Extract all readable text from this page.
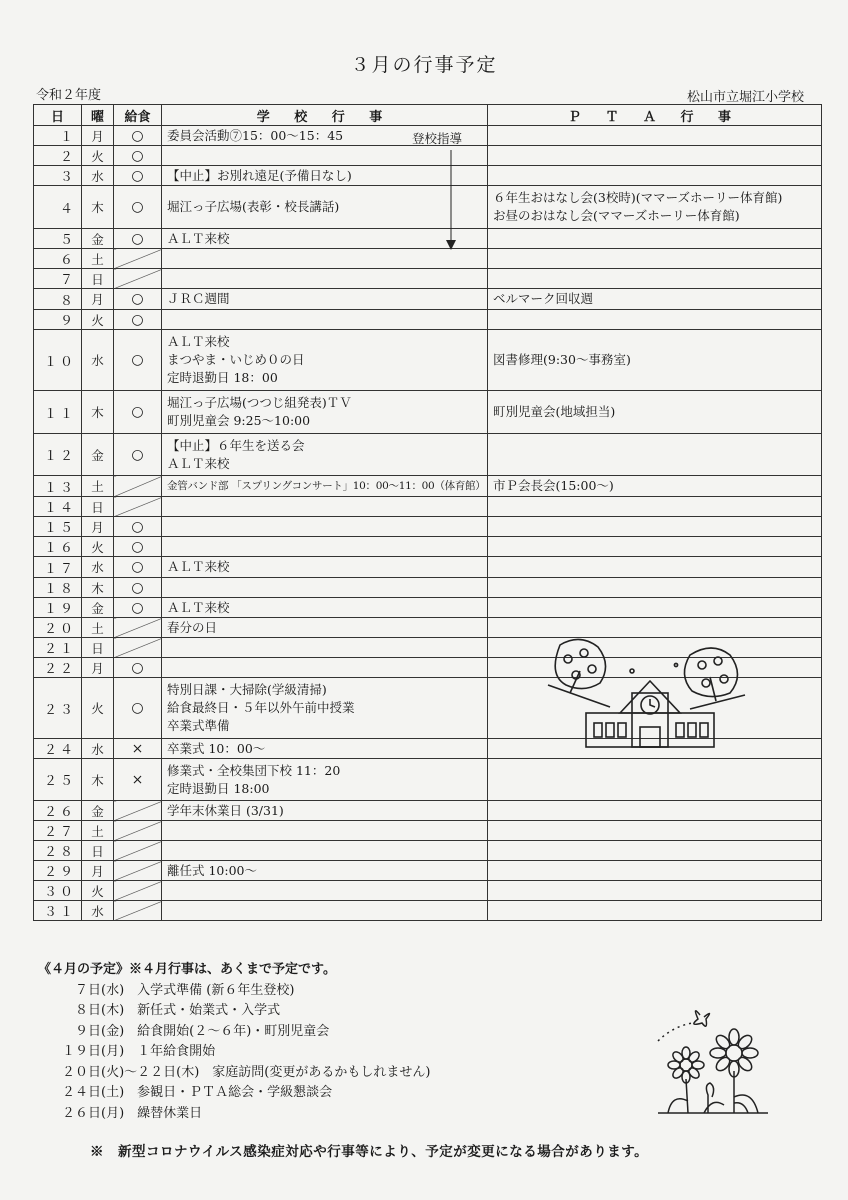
３月の行事予定
令和２年度	松山市立堀江小学校
日	曜	給食	学 校 行 事	Ｐ Ｔ Ａ 行 事
１	月	○	委員会活動⑦15：00～15：45	

２	火	○		
３	水	○	【中止】お別れ遠足(予備日なし)	

４	木	○	堀江っ子広場(表彰・校長講話)	６年生おはなし会(3校時)(ママーズホーリー体育館)
お昼のおはなし会(ママーズホーリー体育館)

５	金	○	ＡＬＴ来校	

６	土			
７	日			
８	月	○	ＪＲＣ週間	ベルマーク回収週

９	火	○		
１０	水	○	ＡＬＴ来校
まつやま・いじめ０の日
定時退勤日 18：00	図書修理(9:30～事務室)

１１	木	○	堀江っ子広場(つつじ組発表)ＴＶ
町別児童会 9:25～10:00	町別児童会(地域担当)

１２	金	○	【中止】６年生を送る会
ＡＬＴ来校	

１３	土		金管バンド部 「スプリングコンサート」10：00～11：00（体育館）	市Ｐ会長会(15:00～)

１４	日			
１５	月	○		
１６	火	○		
１７	水	○	ＡＬＴ来校	

１８	木	○		
１９	金	○	ＡＬＴ来校	

２０	土		春分の日	

２１	日			
２２	月	○		
２３	火	○	特別日課・大掃除(学級清掃)
給食最終日・５年以外午前中授業
卒業式準備	

２４	水	×	卒業式 10：00～	

２５	木	×	修業式・全校集団下校 11：20
定時退勤日 18:00	

２６	金		学年末休業日 (3/31)	

２７	土			
２８	日			
２９	月		離任式 10:00～	

３０	火			
３１	水			
登校指導
《４月の予定》※４月行事は、あくまで予定です。
　７日(水)　入学式準備 (新６年生登校)
　８日(木)　新任式・始業式・入学式
　９日(金)　給食開始(２～６年)・町別児童会
１９日(月)　１年給食開始
２０日(火)～２２日(木)　家庭訪問(変更があるかもしれません)
２４日(土)　参観日・ＰＴＡ総会・学級懇談会
２６日(月)　繰替休業日
※　新型コロナウイルス感染症対応や行事等により、予定が変更になる場合があります。
